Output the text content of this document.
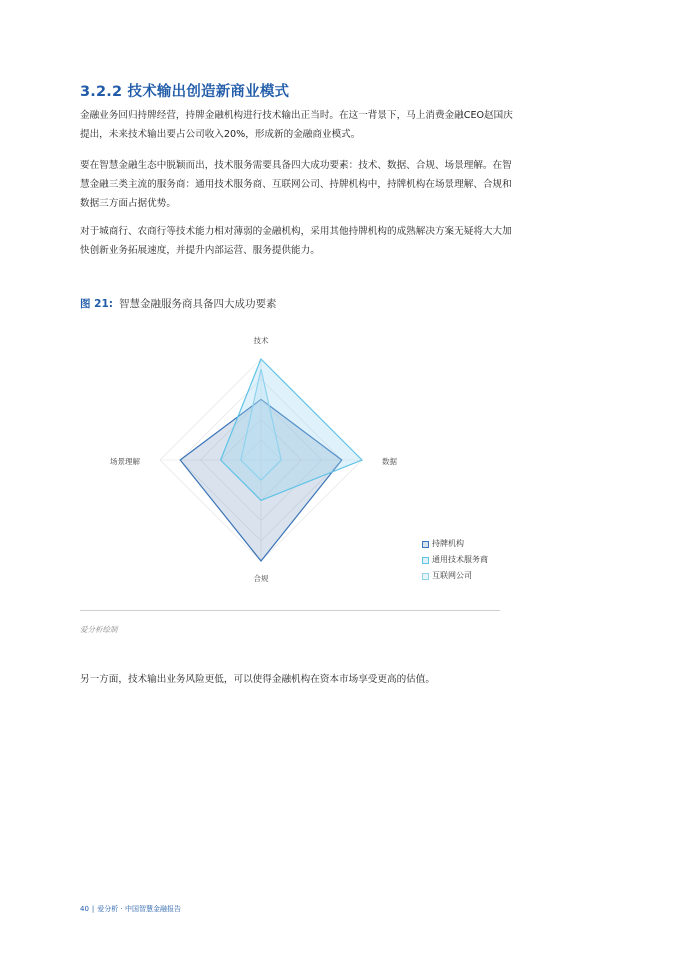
3.2.2 技术输出创造新商业模式

金融业务回归持牌经营，持牌金融机构进行技术输出正当时。在这一背景下，马上消费金融CEO赵国庆提出，未来技术输出要占公司收入20%，形成新的金融商业模式。

要在智慧金融生态中脱颖而出，技术服务需要具备四大成功要素：技术、数据、合规、场景理解。在智慧金融三类主流的服务商：通用技术服务商、互联网公司、持牌机构中，持牌机构在场景理解、合规和数据三方面占据优势。

对于城商行、农商行等技术能力相对薄弱的金融机构，采用其他持牌机构的成熟解决方案无疑将大大加快创新业务拓展速度，并提升内部运营、服务提供能力。

图 21: 智慧金融服务商具备四大成功要素

技术
数据
合规
场景理解
持牌机构
通用技术服务商
互联网公司

爱分析绘制

另一方面，技术输出业务风险更低，可以使得金融机构在资本市场享受更高的估值。

40 | 爱分析 · 中国智慧金融报告
